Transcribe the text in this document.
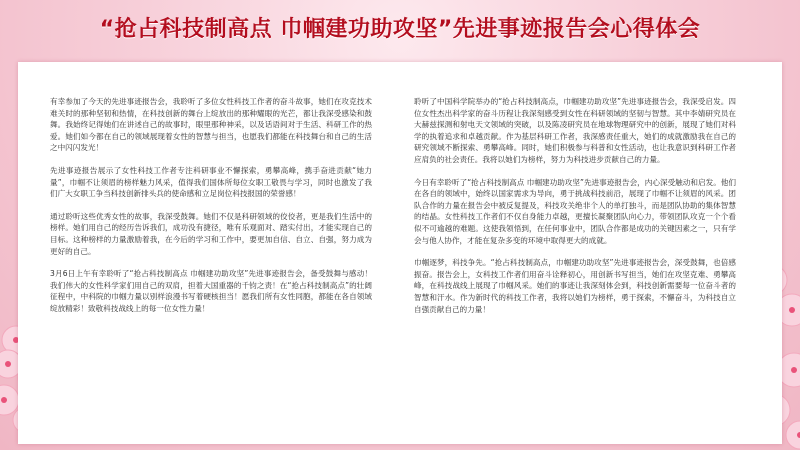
“抢占科技制高点 巾帼建功助攻坚”先进事迹报告会心得体会

有幸参加了今天的先进事迹报告会，我聆听了多位女性科技工作者的奋斗故事，她们在攻克技术难关时的那种坚韧和热情，在科技创新的舞台上绽放出的那种耀眼的光芒，都让我深受感染和鼓舞。我始终记得她们在讲述自己的故事时，眼里那种神采，以及话语间对于生活、科研工作的热爱。她们如今都在自己的领域展现着女性的智慧与担当，也愿我们都能在科技舞台和自己的生活之中闪闪发光！

先进事迹报告展示了女性科技工作者专注科研事业不懈探索，勇攀高峰，携手奋进贡献“她力量”，巾帼不让须眉的榜样魅力风采，值得我们国体所每位女职工敬畏与学习，同时也激发了我们广大女职工争当科技创新排头兵的使命感和立足岗位科技报国的荣誉感！

通过聆听这些优秀女性的故事，我深受鼓舞。她们不仅是科研领域的佼佼者，更是我们生活中的榜样。她们用自己的经历告诉我们，成功没有捷径，唯有乐观面对、踏实付出，才能实现自己的目标。这种榜样的力量激励着我，在今后的学习和工作中，要更加自信、自立、自强，努力成为更好的自己。

3月6日上午有幸聆听了“抢占科技制高点 巾帼建功助攻坚”先进事迹报告会，备受鼓舞与感动！我们伟大的女性科学家们用自己的双肩，担着大国重器的千钧之责！在“抢占科技制高点”的壮阔征程中，中科院的巾帼力量以别样浪漫书写着硬核担当！愿我们所有女性同胞，都能在各自领域绽放精彩！致敬科技战线上的每一位女性力量！

聆听了中国科学院举办的“抢占科技制高点，巾帼建功助攻坚”先进事迹报告会，我深受启发。四位女性杰出科学家的奋斗历程让我深刻感受到女性在科研领域的坚韧与智慧。其中李婧研究员在大赫兹探测和射电天文领域的突破，以及陈凌研究员在地球物理研究中的创新，展现了她们对科学的执着追求和卓越贡献。作为基层科研工作者，我深感责任重大，她们的成就激励我在自己的研究领域不断探索、勇攀高峰。同时，她们积极参与科普和女性活动，也让我意识到科研工作者应肩负的社会责任。我将以她们为榜样，努力为科技进步贡献自己的力量。

今日有幸聆听了“抢占科技制高点 巾帼建功助攻坚”先进事迹报告会，内心深受触动和启发。他们在各自的领域中，始终以国家需求为导向，勇于挑战科技前沿，展现了巾帼不让须眉的风采。团队合作的力量在报告会中被反复提及，科技攻关绝非个人的单打独斗，而是团队协助的集体智慧的结晶。女性科技工作者们不仅自身能力卓越，更擅长凝聚团队向心力，带领团队攻克一个个看似不可逾越的难题。这使我领悟到，在任何事业中，团队合作都是成功的关键因素之一，只有学会与他人协作，才能在复杂多变的环境中取得更大的成就。

巾帼逐梦，科技争先。“抢占科技制高点，巾帼建功助攻坚”先进事迹报告会，深受鼓舞，也倍感振奋。报告会上，女科技工作者们用奋斗诠释初心，用创新书写担当，她们在攻坚克难、勇攀高峰，在科技战线上展现了巾帼风采。她们的事迹让我深刻体会到，科技创新需要每一位奋斗者的智慧和汗水。作为新时代的科技工作者，我将以她们为榜样，勇于探索，不懈奋斗，为科技自立自强贡献自己的力量！
